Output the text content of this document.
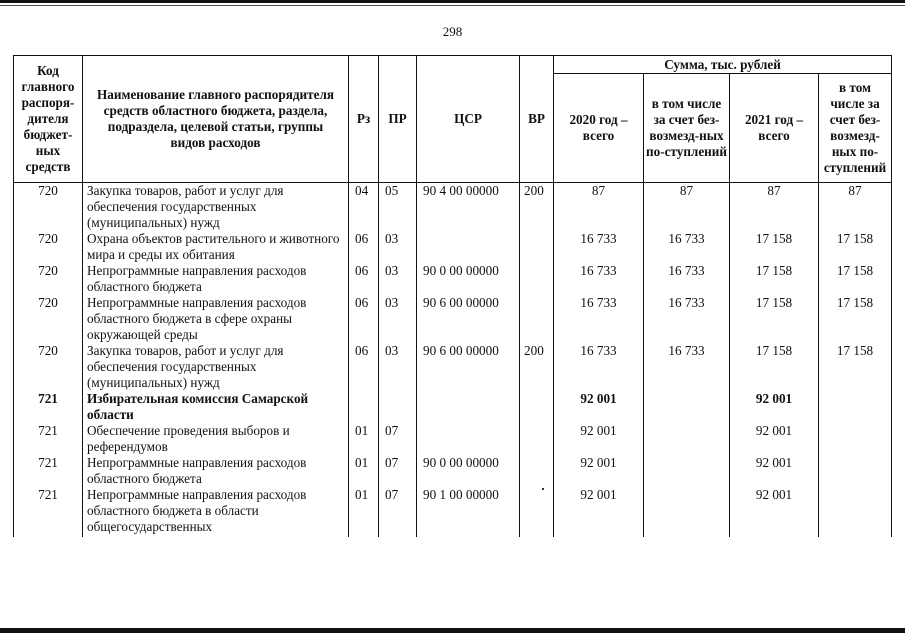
298
Код главного распоря-дителя бюджет-ных средств	Наименование главного распорядителя средств областного бюджета, раздела, подраздела, целевой статьи, группы видов расходов	Рз	ПР	ЦСР	ВР	Сумма, тыс. рублей			
						2020 год – всего	в том числе за счет без-возмезд-ных по-ступлений	2021 год – всего	в том числе за счет без-возмезд-ных по-ступлений
720	Закупка товаров, работ и услуг для обеспечения государственных (муниципальных) нужд	04	05	90 4 00 00000	200	87	87	87	87
720	Охрана объектов растительного и животного мира и среды их обитания	06	03			16 733	16 733	17 158	17 158
720	Непрограммные направления расходов областного бюджета	06	03	90 0 00 00000		16 733	16 733	17 158	17 158
720	Непрограммные направления расходов областного бюджета в сфере охраны окружающей среды	06	03	90 6 00 00000		16 733	16 733	17 158	17 158
720	Закупка товаров, работ и услуг для обеспечения государственных (муниципальных) нужд	06	03	90 6 00 00000	200	16 733	16 733	17 158	17 158
721	Избирательная комиссия Самарской области					92 001		92 001	
721	Обеспечение проведения выборов и референдумов	01	07			92 001		92 001	
721	Непрограммные направления расходов областного бюджета	01	07	90 0 00 00000		92 001		92 001	
721	Непрограммные направления расходов областного бюджета в области общегосударственных	01	07	90 1 00 00000		92 001		92 001	
